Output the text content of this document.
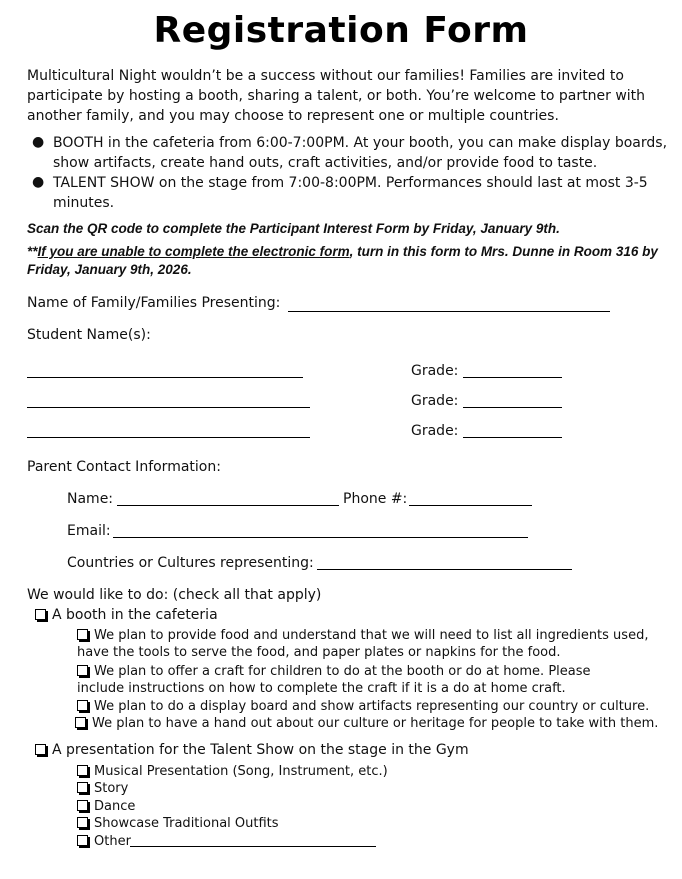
Registration Form
Multicultural Night wouldn’t be a success without our families! Families are invited to participate by hosting a booth, sharing a talent, or both. You’re welcome to partner with another family, and you may choose to represent one or multiple countries.
● BOOTH in the cafeteria from 6:00-7:00PM. At your booth, you can make display boards, show artifacts, create hand outs, craft activities, and/or provide food to taste.
● TALENT SHOW on the stage from 7:00-8:00PM. Performances should last at most 3-5 minutes.
Scan the QR code to complete the Participant Interest Form by Friday, January 9th.
**If you are unable to complete the electronic form, turn in this form to Mrs. Dunne in Room 316 by Friday, January 9th, 2026.
Name of Family/Families Presenting:
Student Name(s):
Grade:
Grade:
Grade:
Parent Contact Information:
Name:	Phone #:
Email:
Countries or Cultures representing:
We would like to do: (check all that apply)
A booth in the cafeteria
We plan to provide food and understand that we will need to list all ingredients used, have the tools to serve the food, and paper plates or napkins for the food.
We plan to offer a craft for children to do at the booth or do at home. Please include instructions on how to complete the craft if it is a do at home craft.
We plan to do a display board and show artifacts representing our country or culture.
We plan to have a hand out about our culture or heritage for people to take with them.
A presentation for the Talent Show on the stage in the Gym
Musical Presentation (Song, Instrument, etc.)
Story
Dance
Showcase Traditional Outfits
Other
